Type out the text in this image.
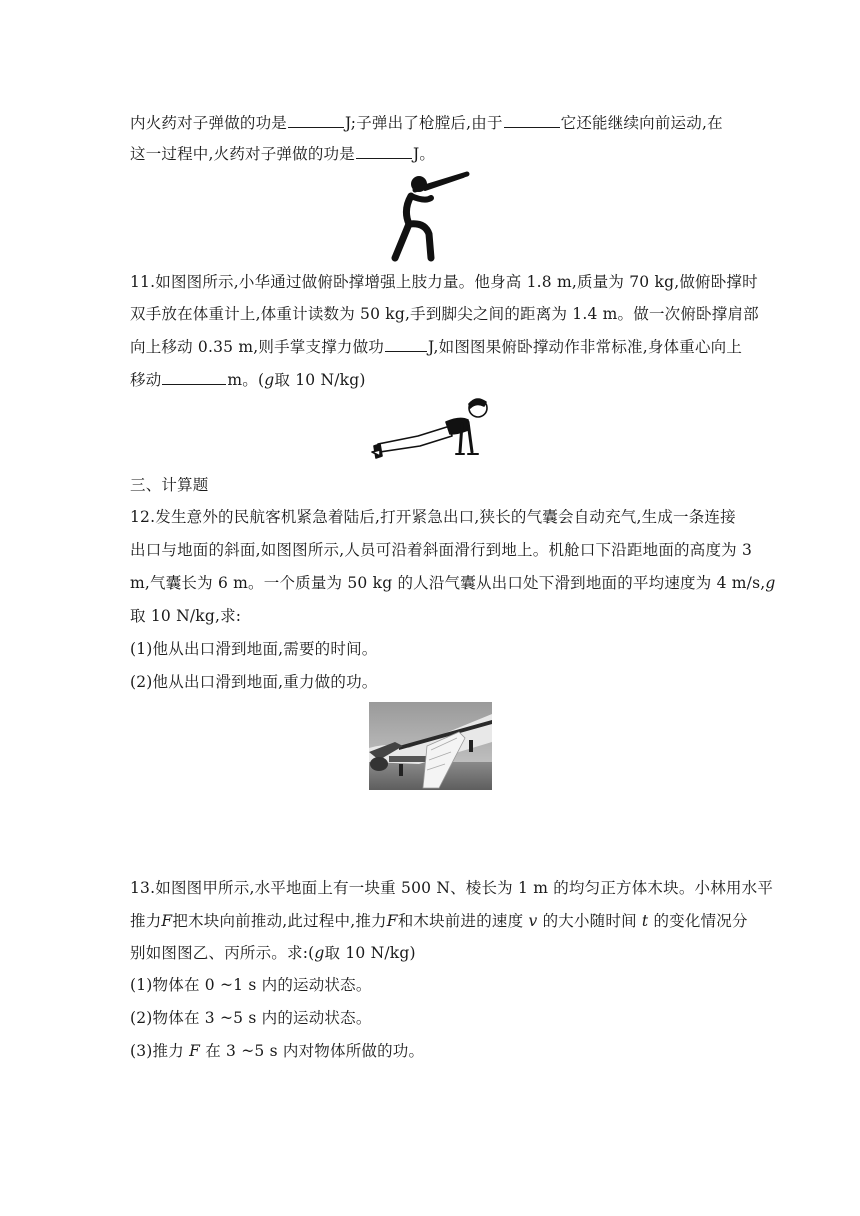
内火药对子弹做的功是	J;子弹出了枪膛后,由于	它还能继续向前运动,在
这一过程中,火药对子弹做的功是	J。
11.如图图所示,小华通过做俯卧撑增强上肢力量。他身高 1.8 m,质量为 70 kg,做俯卧撑时
双手放在体重计上,体重计读数为 50 kg,手到脚尖之间的距离为 1.4 m。做一次俯卧撑肩部
向上移动 0.35 m,则手掌支撑力做功	J,如图图果俯卧撑动作非常标准,身体重心向上
移动	m。(g取 10 N/kg)
三、计算题
12.发生意外的民航客机紧急着陆后,打开紧急出口,狭长的气囊会自动充气,生成一条连接
出口与地面的斜面,如图图所示,人员可沿着斜面滑行到地上。机舱口下沿距地面的高度为 3
m,气囊长为 6 m。一个质量为 50 kg 的人沿气囊从出口处下滑到地面的平均速度为 4 m/s,g
取 10 N/kg,求:
(1)他从出口滑到地面,需要的时间。
(2)他从出口滑到地面,重力做的功。
13.如图图甲所示,水平地面上有一块重 500 N、棱长为 1 m 的均匀正方体木块。小林用水平
推力F把木块向前推动,此过程中,推力F和木块前进的速度 v 的大小随时间 t 的变化情况分
别如图图乙、丙所示。求:(g取 10 N/kg)
(1)物体在 0 ~1 s 内的运动状态。
(2)物体在 3 ~5 s 内的运动状态。
(3)推力 F 在 3 ~5 s 内对物体所做的功。
